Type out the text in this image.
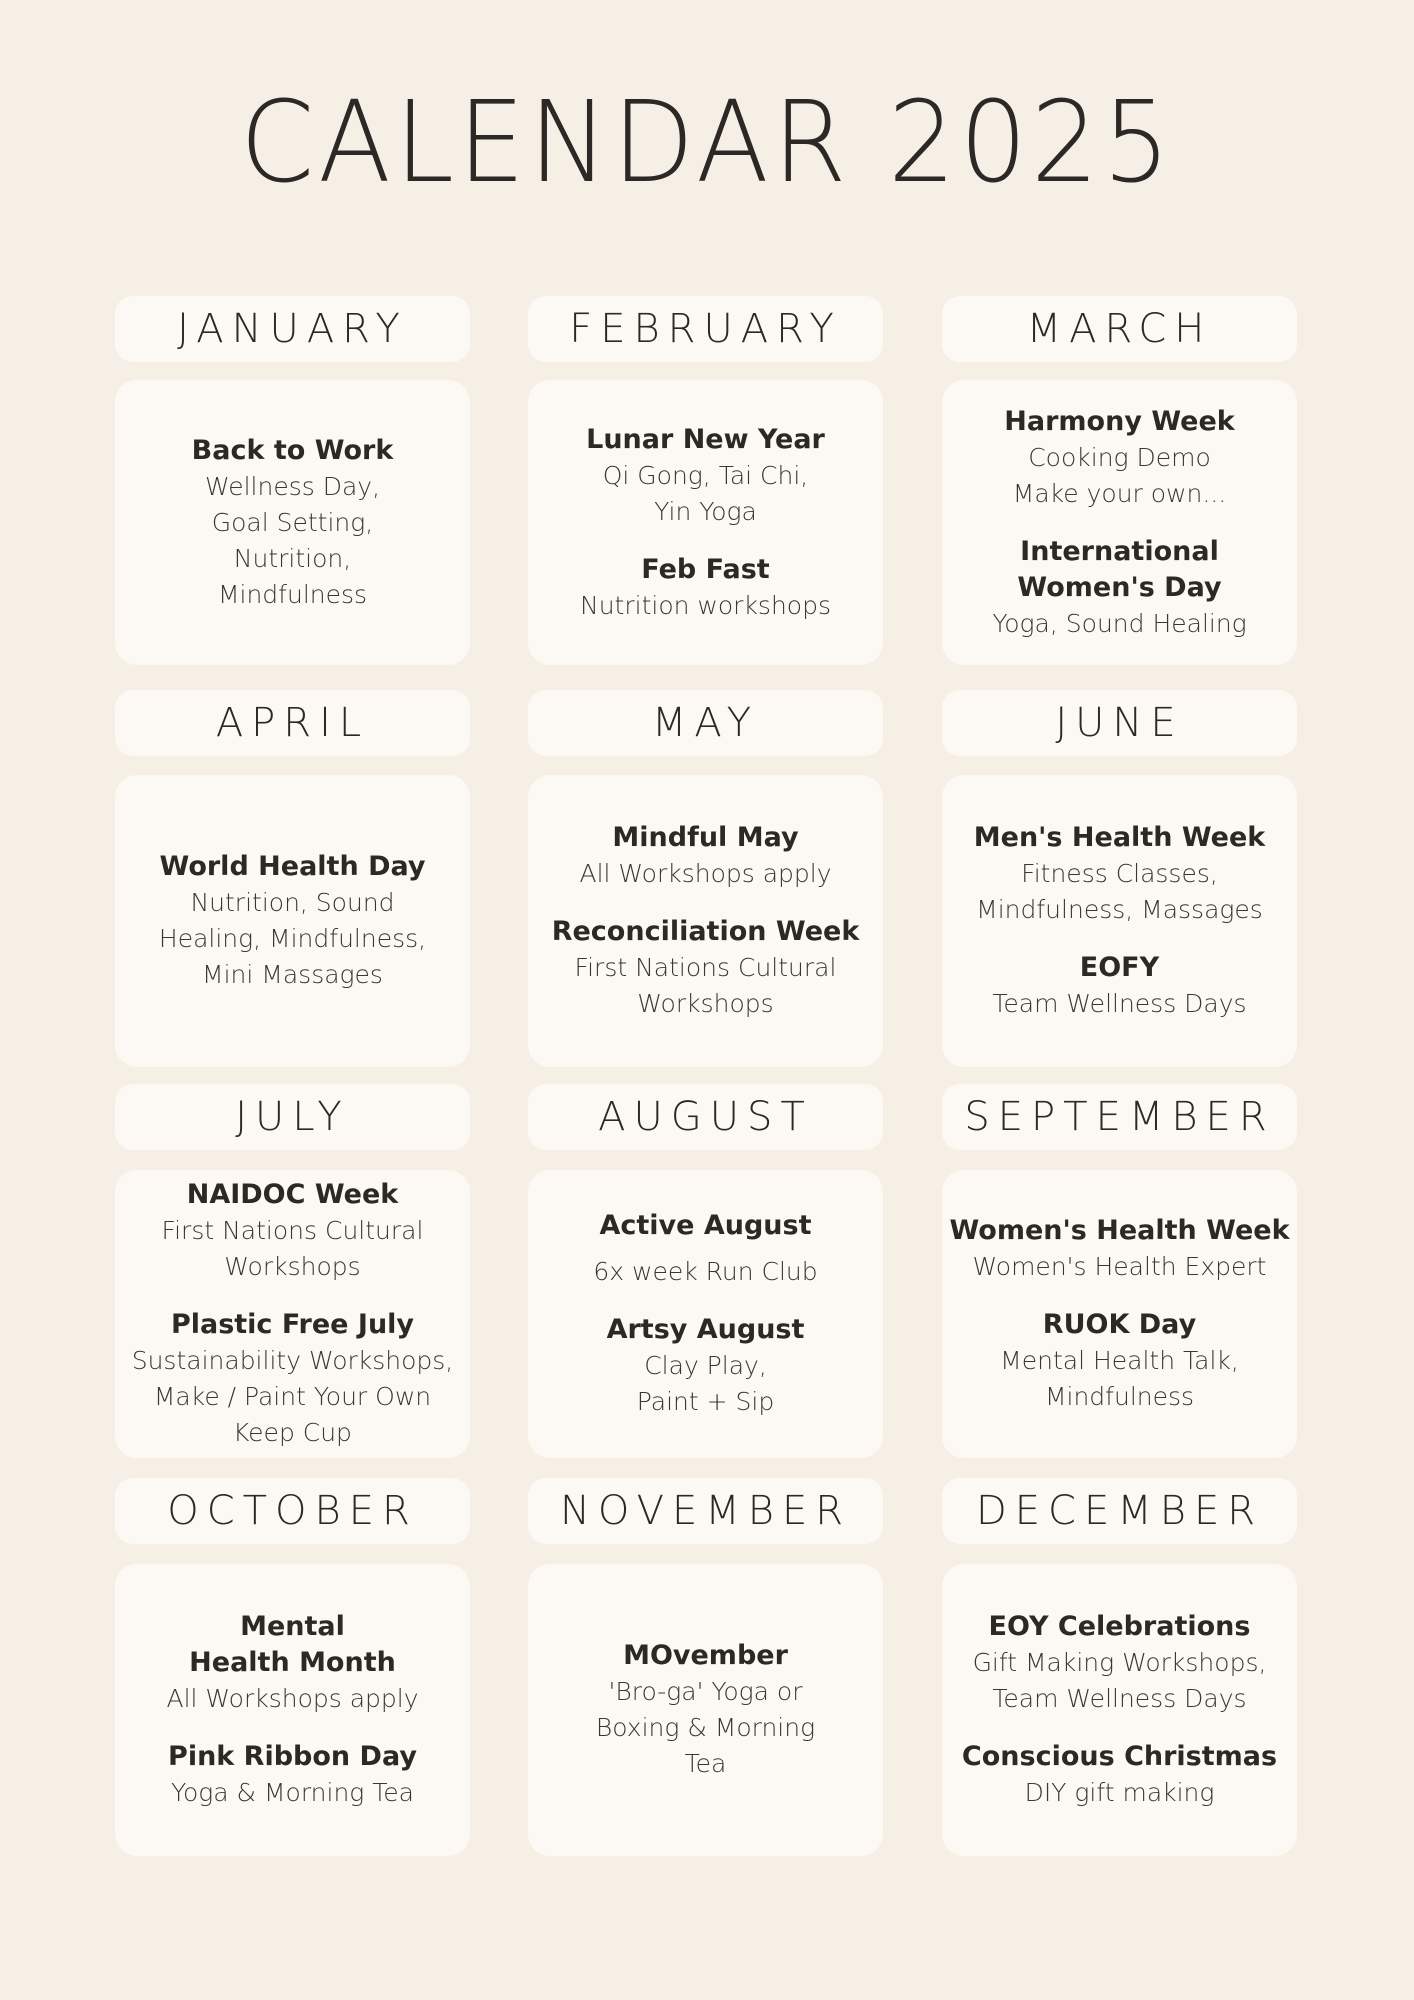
CALENDAR 2025
JANUARY
Back to Work
Wellness Day,
Goal Setting,
Nutrition,
Mindfulness
FEBRUARY
Lunar New Year
Qi Gong, Tai Chi,
Yin Yoga
Feb Fast
Nutrition workshops
MARCH
Harmony Week
Cooking Demo
Make your own...
International
Women's Day
Yoga, Sound Healing
APRIL
World Health Day
Nutrition, Sound
Healing, Mindfulness,
Mini Massages
MAY
Mindful May
All Workshops apply
Reconciliation Week
First Nations Cultural
Workshops
JUNE
Men's Health Week
Fitness Classes,
Mindfulness, Massages
EOFY
Team Wellness Days
JULY
NAIDOC Week
First Nations Cultural
Workshops
Plastic Free July
Sustainability Workshops,
Make / Paint Your Own
Keep Cup
AUGUST
Active August
6x week Run Club
Artsy August
Clay Play,
Paint + Sip
SEPTEMBER
Women's Health Week
Women's Health Expert
RUOK Day
Mental Health Talk,
Mindfulness
OCTOBER
Mental
Health Month
All Workshops apply
Pink Ribbon Day
Yoga & Morning Tea
NOVEMBER
MOvember
'Bro-ga' Yoga or
Boxing & Morning
Tea
DECEMBER
EOY Celebrations
Gift Making Workshops,
Team Wellness Days
Conscious Christmas
DIY gift making
